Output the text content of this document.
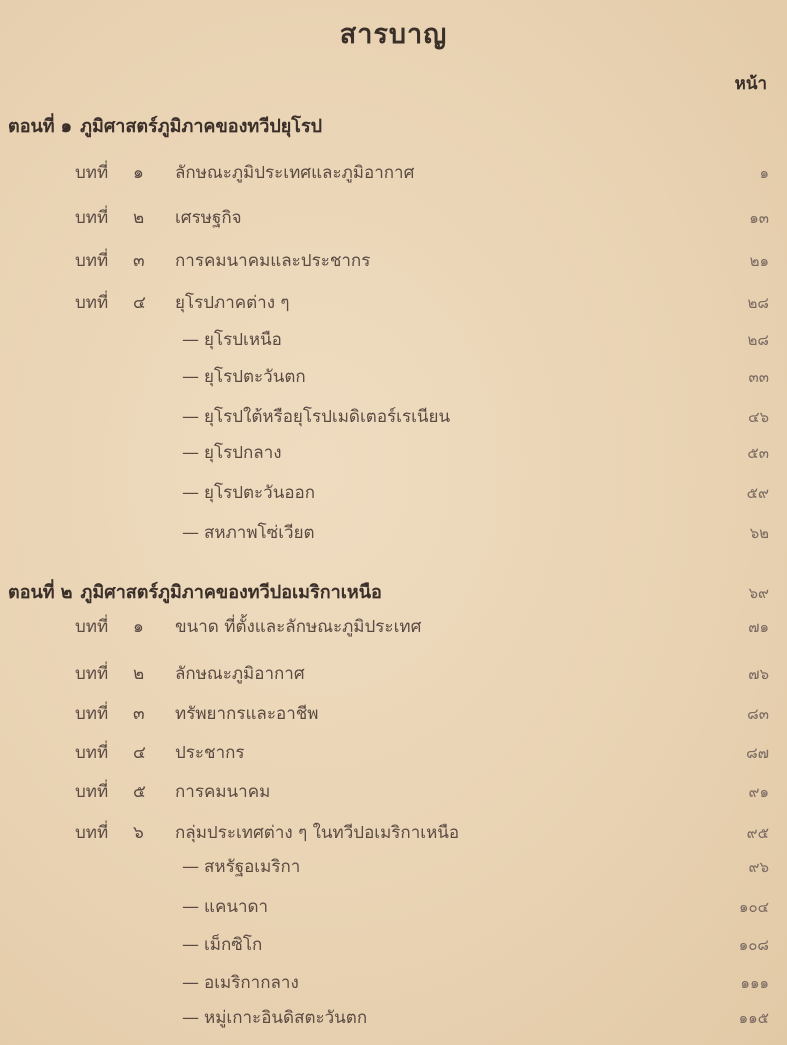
สารบาญ
หน้า
ตอนที่ ๑ ภูมิศาสตร์ภูมิภาคของทวีปยุโรป
บทที่ ๑ ลักษณะภูมิประเทศและภูมิอากาศ	๑
บทที่ ๒ เศรษฐกิจ	๑๓
บทที่ ๓ การคมนาคมและประชากร	๒๑
บทที่ ๔ ยุโรปภาคต่าง ๆ	๒๘
— ยุโรปเหนือ	๒๘
— ยุโรปตะวันตก	๓๓
— ยุโรปใต้หรือยุโรปเมดิเตอร์เรเนียน	๔๖
— ยุโรปกลาง	๕๓
— ยุโรปตะวันออก	๕๙
— สหภาพโซ่เวียต	๖๒
ตอนที่ ๒ ภูมิศาสตร์ภูมิภาคของทวีปอเมริกาเหนือ	๖๙
บทที่ ๑ ขนาด ที่ตั้งและลักษณะภูมิประเทศ	๗๑
บทที่ ๒ ลักษณะภูมิอากาศ	๗๖
บทที่ ๓ ทรัพยากรและอาชีพ	๘๓
บทที่ ๔ ประชากร	๘๗
บทที่ ๕ การคมนาคม	๙๑
บทที่ ๖ กลุ่มประเทศต่าง ๆ ในทวีปอเมริกาเหนือ	๙๕
— สหรัฐอเมริกา	๙๖
— แคนาดา	๑๐๔
— เม็กซิโก	๑๐๘
— อเมริกากลาง	๑๑๑
— หมู่เกาะอินดิสตะวันตก	๑๑๕
